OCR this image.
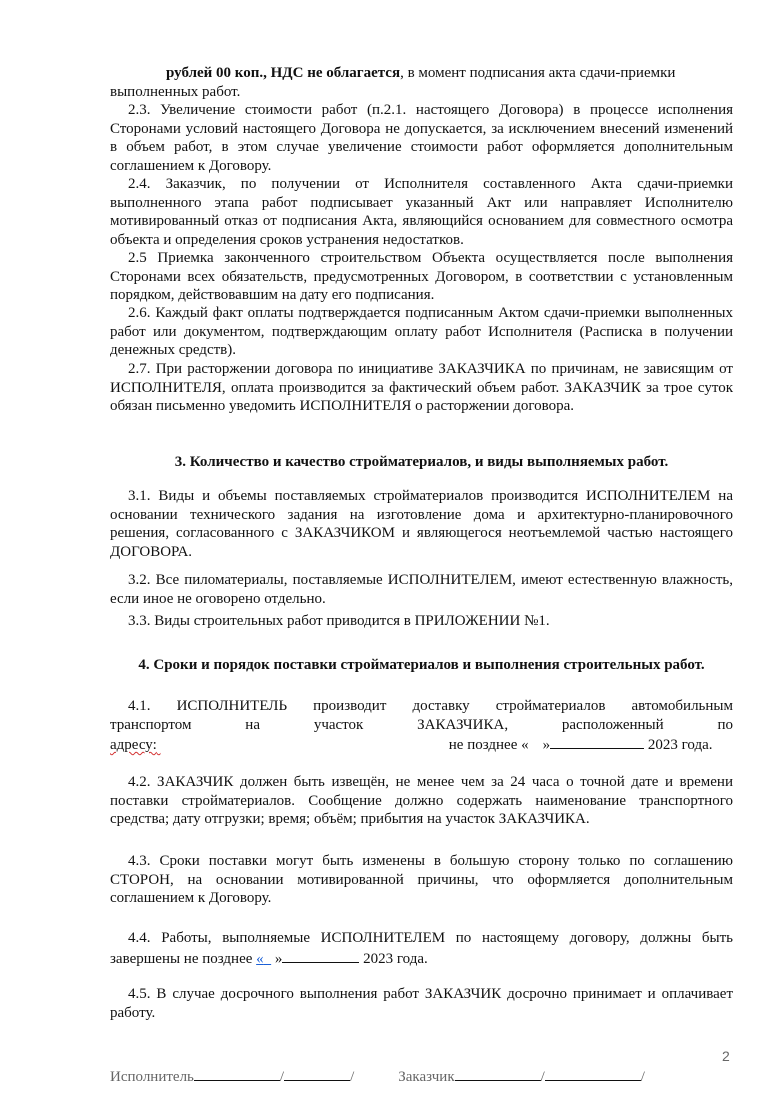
рублей 00 коп., НДС не облагается, в момент подписания акта сдачи-приемки
выполненных работ.

2.3. Увеличение стоимости работ (п.2.1. настоящего Договора) в процессе исполнения Сторонами условий настоящего Договора не допускается, за исключением внесений изменений в объем работ, в этом случае увеличение стоимости работ оформляется дополнительным соглашением к Договору.

2.4. Заказчик, по получении от Исполнителя составленного Акта сдачи-приемки выполненного этапа работ подписывает указанный Акт или направляет Исполнителю мотивированный отказ от подписания Акта, являющийся основанием для совместного осмотра объекта и определения сроков устранения недостатков.

2.5 Приемка законченного строительством Объекта осуществляется после выполнения Сторонами всех обязательств, предусмотренных Договором, в соответствии с установленным порядком, действовавшим на дату его подписания.

2.6. Каждый факт оплаты подтверждается подписанным Актом сдачи-приемки выполненных работ или документом, подтверждающим оплату работ Исполнителя (Расписка в получении денежных средств).

2.7. При расторжении договора по инициативе ЗАКАЗЧИКА по причинам, не зависящим от ИСПОЛНИТЕЛЯ, оплата производится за фактический объем работ. ЗАКАЗЧИК за трое суток обязан письменно уведомить ИСПОЛНИТЕЛЯ о расторжении договора.

3. Количество и качество стройматериалов, и виды выполняемых работ.

3.1. Виды и объемы поставляемых стройматериалов производится ИСПОЛНИТЕЛЕМ на основании технического задания на изготовление дома и архитектурно-планировочного решения, согласованного с ЗАКАЗЧИКОМ и являющегося неотъемлемой частью настоящего ДОГОВОРА.

3.2. Все пиломатериалы, поставляемые ИСПОЛНИТЕЛЕМ, имеют естественную влажность, если иное не оговорено отдельно.

3.3. Виды строительных работ приводится в ПРИЛОЖЕНИИ №1.

4. Сроки и порядок поставки стройматериалов и выполнения строительных работ.

4.1. ИСПОЛНИТЕЛЬ производит доставку стройматериалов автомобильным

транспортом на участок ЗАКАЗЧИКА, расположенный по

адресу:	не позднее « »	2023 года.

4.2. ЗАКАЗЧИК должен быть извещён, не менее чем за 24 часа о точной дате и времени поставки стройматериалов. Сообщение должно содержать наименование транспортного средства; дату отгрузки; время; объём; прибытия на участок ЗАКАЗЧИКА.

4.3. Сроки поставки могут быть изменены в большую сторону только по соглашению СТОРОН, на основании мотивированной причины, что оформляется дополнительным соглашением к Договору.

4.4. Работы, выполняемые ИСПОЛНИТЕЛЕМ по настоящему договору, должны быть

завершены не позднее « »	2023 года.

4.5. В случае досрочного выполнения работ ЗАКАЗЧИК досрочно принимает и оплачивает работу.

2
Исполнитель	/	/	Заказчик	/	/
